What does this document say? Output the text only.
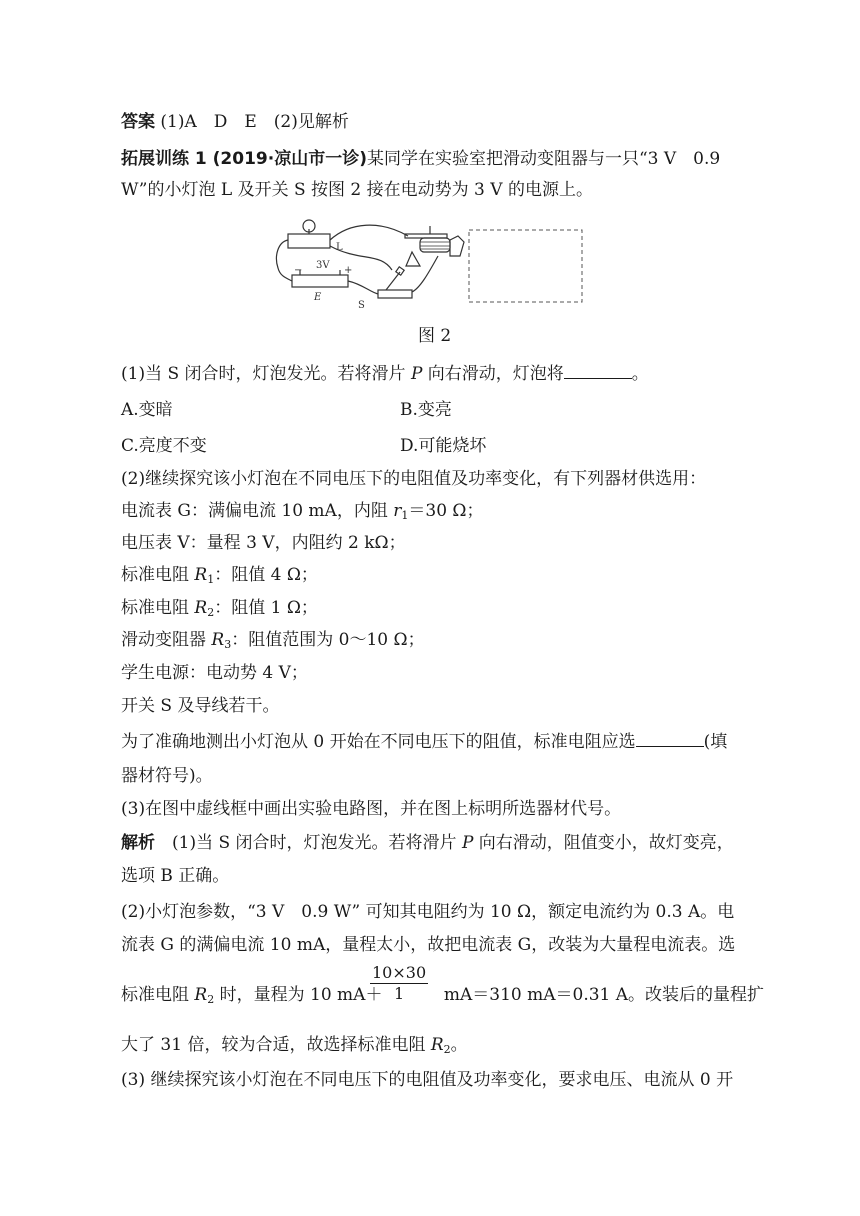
答案 (1)A　D　E　(2)见解析
拓展训练 1 (2019·凉山市一诊)某同学在实验室把滑动变阻器与一只“3 V　0.9
W”的小灯泡 L 及开关 S 按图 2 接在电动势为 3 V 的电源上。
L
3V
−	+
E
S
图 2
(1)当 S 闭合时，灯泡发光。若将滑片 P 向右滑动，灯泡将	。
A.变暗	B.变亮
C.亮度不变	D.可能烧坏
(2)继续探究该小灯泡在不同电压下的电阻值及功率变化，有下列器材供选用：
电流表 G：满偏电流 10 mA，内阻 $r_1=30$ Ω；
电压表 V：量程 3 V，内阻约 2 kΩ；
标准电阻 $R_1$：阻值 4 Ω；
标准电阻 $R_2$：阻值 1 Ω；
滑动变阻器 $R_3$：阻值范围为 0～10 Ω；
学生电源：电动势 4 V；
开关 S 及导线若干。
为了准确地测出小灯泡从 0 开始在不同电压下的阻值，标准电阻应选	(填
器材符号)。
(3)在图中虚线框中画出实验电路图，并在图上标明所选器材代号。
解析　(1)当 S 闭合时，灯泡发光。若将滑片 P 向右滑动，阻值变小，故灯变亮，
选项 B 正确。
(2)小灯泡参数，“3 V　0.9 W” 可知其电阻约为 10 Ω，额定电流约为 0.3 A。电
流表 G 的满偏电流 10 mA，量程太小，故把电流表 G，改装为大量程电流表。选
标准电阻 $R_2$ 时，量程为 10 mA＋	mA＝310 mA＝0.31 A。改装后的量程扩
$\frac{10\times 30}{1}$
大了 31 倍，较为合适，故选择标准电阻 $R_2$。
(3) 继续探究该小灯泡在不同电压下的电阻值及功率变化，要求电压、电流从 0 开
